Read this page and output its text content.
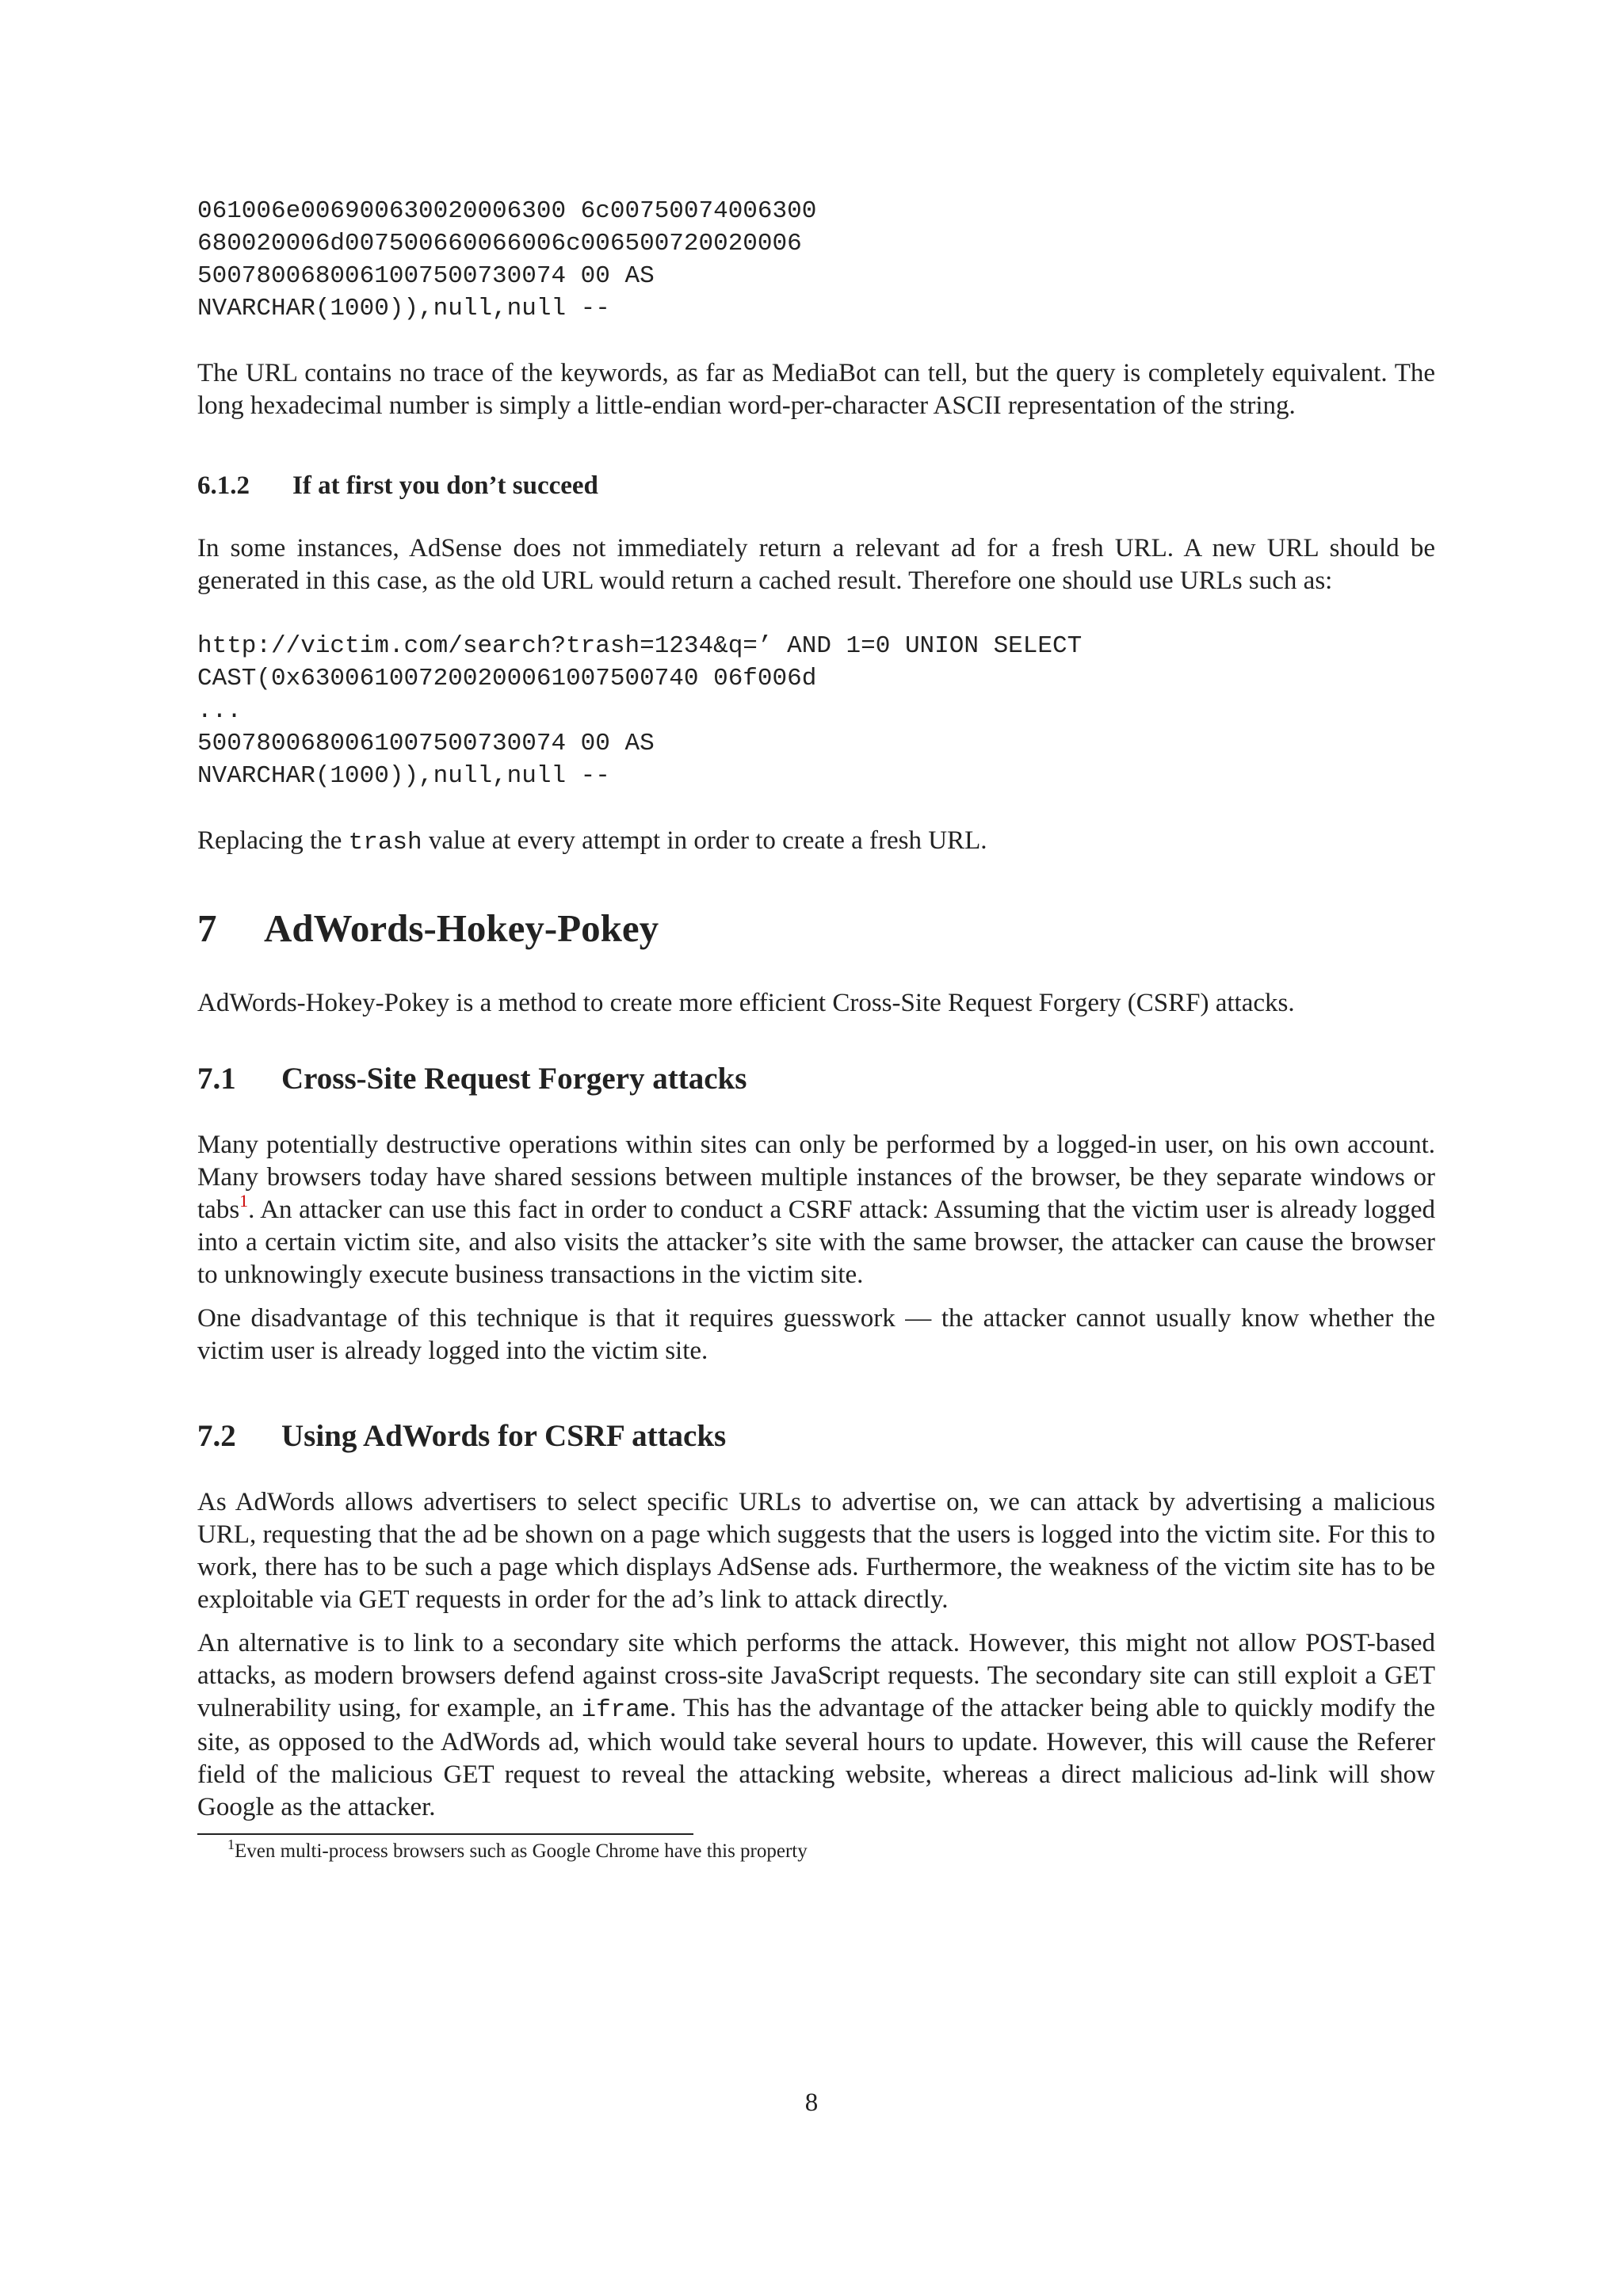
061006e006900630020006300 6c00750074006300
680020006d007500660066006c006500720020006
5007800680061007500730074 00 AS
NVARCHAR(1000)),null,null --

The URL contains no trace of the keywords, as far as MediaBot can tell, but the query is completely equivalent. The long hexadecimal number is simply a little-endian word-per-character ASCII representation of the string.

6.1.2 If at first you don’t succeed

In some instances, AdSense does not immediately return a relevant ad for a fresh URL. A new URL should be generated in this case, as the old URL would return a cached result. Therefore one should use URLs such as:

http://victim.com/search?trash=1234&q=’ AND 1=0 UNION SELECT
CAST(0x630061007200200061007500740 06f006d
...
5007800680061007500730074 00 AS
NVARCHAR(1000)),null,null --

Replacing the trash value at every attempt in order to create a fresh URL.

7 AdWords-Hokey-Pokey

AdWords-Hokey-Pokey is a method to create more efficient Cross-Site Request Forgery (CSRF) attacks.

7.1 Cross-Site Request Forgery attacks

Many potentially destructive operations within sites can only be performed by a logged-in user, on his own account. Many browsers today have shared sessions between multiple instances of the browser, be they separate windows or tabs$^1$. An attacker can use this fact in order to conduct a CSRF attack: Assuming that the victim user is already logged into a certain victim site, and also visits the attacker’s site with the same browser, the attacker can cause the browser to unknowingly execute business transactions in the victim site.

One disadvantage of this technique is that it requires guesswork — the attacker cannot usually know whether the victim user is already logged into the victim site.

7.2 Using AdWords for CSRF attacks

As AdWords allows advertisers to select specific URLs to advertise on, we can attack by advertising a malicious URL, requesting that the ad be shown on a page which suggests that the users is logged into the victim site. For this to work, there has to be such a page which displays AdSense ads. Furthermore, the weakness of the victim site has to be exploitable via GET requests in order for the ad’s link to attack directly.

An alternative is to link to a secondary site which performs the attack. However, this might not allow POST-based attacks, as modern browsers defend against cross-site JavaScript requests. The secondary site can still exploit a GET vulnerability using, for example, an iframe. This has the advantage of the attacker being able to quickly modify the site, as opposed to the AdWords ad, which would take several hours to update. However, this will cause the Referer field of the malicious GET request to reveal the attacking website, whereas a direct malicious ad-link will show Google as the attacker.

$^1$Even multi-process browsers such as Google Chrome have this property

8
